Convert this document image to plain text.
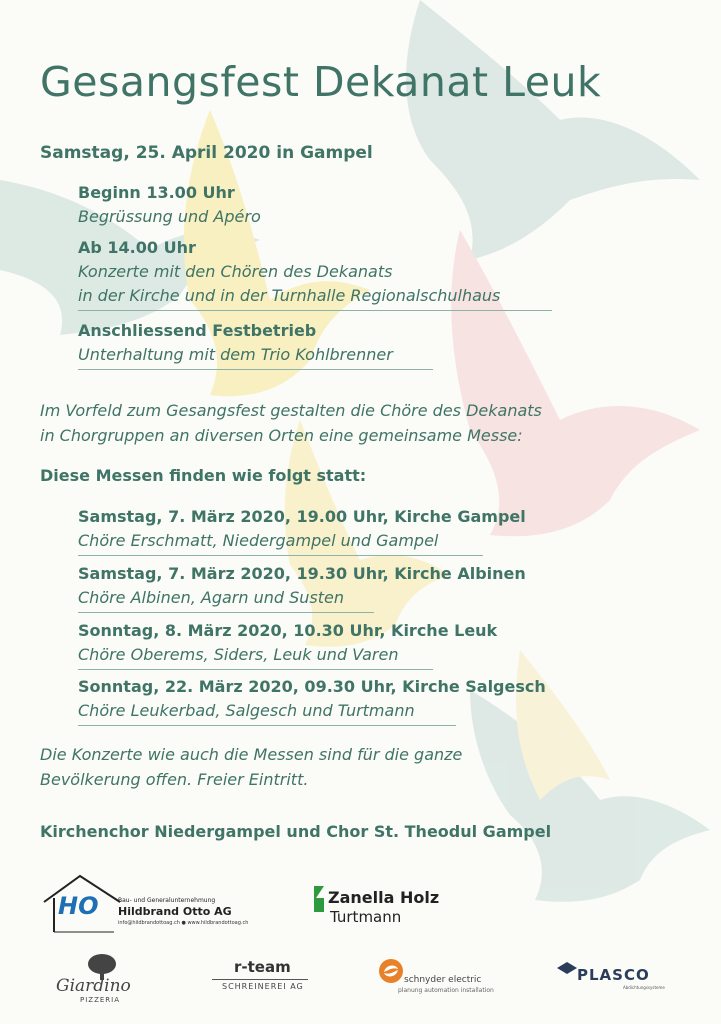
Gesangsfest Dekanat Leuk
Samstag, 25. April 2020 in Gampel
Beginn 13.00 Uhr
Begrüssung und Apéro
Ab 14.00 Uhr
Konzerte mit den Chören des Dekanats
in der Kirche und in der Turnhalle Regionalschulhaus
Anschliessend Festbetrieb
Unterhaltung mit dem Trio Kohlbrenner
Im Vorfeld zum Gesangsfest gestalten die Chöre des Dekanats
in Chorgruppen an diversen Orten eine gemeinsame Messe:
Diese Messen finden wie folgt statt:
Samstag, 7. März 2020, 19.00 Uhr, Kirche Gampel
Chöre Erschmatt, Niedergampel und Gampel
Samstag, 7. März 2020, 19.30 Uhr, Kirche Albinen
Chöre Albinen, Agarn und Susten
Sonntag, 8. März 2020, 10.30 Uhr, Kirche Leuk
Chöre Oberems, Siders, Leuk und Varen
Sonntag, 22. März 2020, 09.30 Uhr, Kirche Salgesch
Chöre Leukerbad, Salgesch und Turtmann
Die Konzerte wie auch die Messen sind für die ganze
Bevölkerung offen. Freier Eintritt.
Kirchenchor Niedergampel und Chor St. Theodul Gampel
HO	Bau- und Generalunternehmung
Hildbrand Otto AG
info@hildbrandottoag.ch ● www.hildbrandottoag.ch
Zanella Holz
Turtmann
Giardino
PIZZERIA
r-team
SCHREINEREI AG
schnyder electric
planung automation installation
PLASCO
Abdichtungssysteme
